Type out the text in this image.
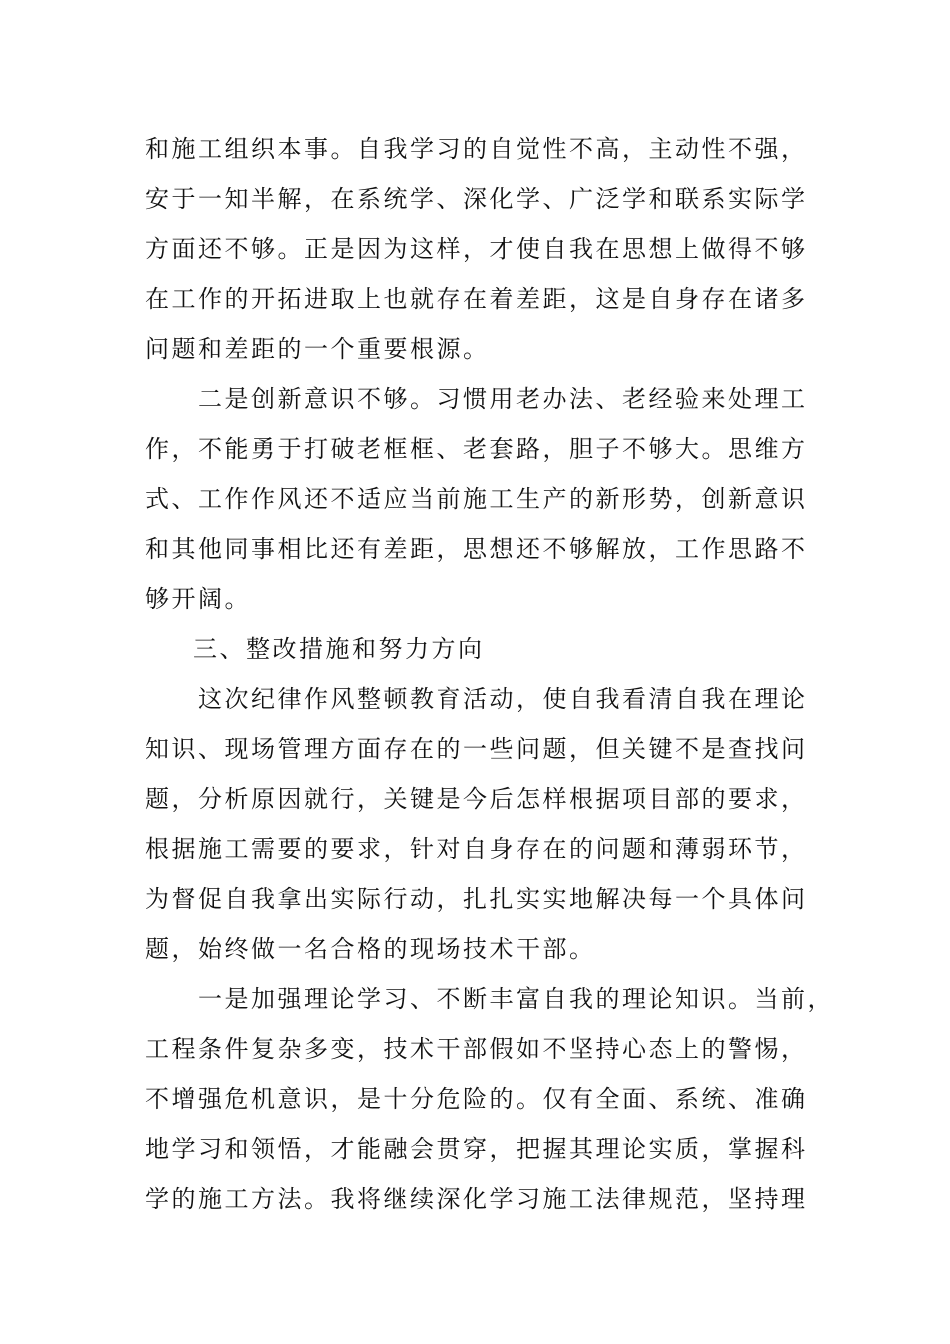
和施工组织本事。自我学习的自觉性不高，主动性不强，
安于一知半解，在系统学、深化学、广泛学和联系实际学
方面还不够。正是因为这样，才使自我在思想上做得不够
在工作的开拓进取上也就存在着差距，这是自身存在诸多
问题和差距的一个重要根源。
二是创新意识不够。习惯用老办法、老经验来处理工
作，不能勇于打破老框框、老套路，胆子不够大。思维方
式、工作作风还不适应当前施工生产的新形势，创新意识
和其他同事相比还有差距，思想还不够解放，工作思路不
够开阔。
三、整改措施和努力方向
这次纪律作风整顿教育活动，使自我看清自我在理论
知识、现场管理方面存在的一些问题，但关键不是查找问
题，分析原因就行，关键是今后怎样根据项目部的要求，
根据施工需要的要求，针对自身存在的问题和薄弱环节，
为督促自我拿出实际行动，扎扎实实地解决每一个具体问
题，始终做一名合格的现场技术干部。
一是加强理论学习、不断丰富自我的理论知识。当前，
工程条件复杂多变，技术干部假如不坚持心态上的警惕，
不增强危机意识，是十分危险的。仅有全面、系统、准确
地学习和领悟，才能融会贯穿，把握其理论实质，掌握科
学的施工方法。我将继续深化学习施工法律规范，坚持理
